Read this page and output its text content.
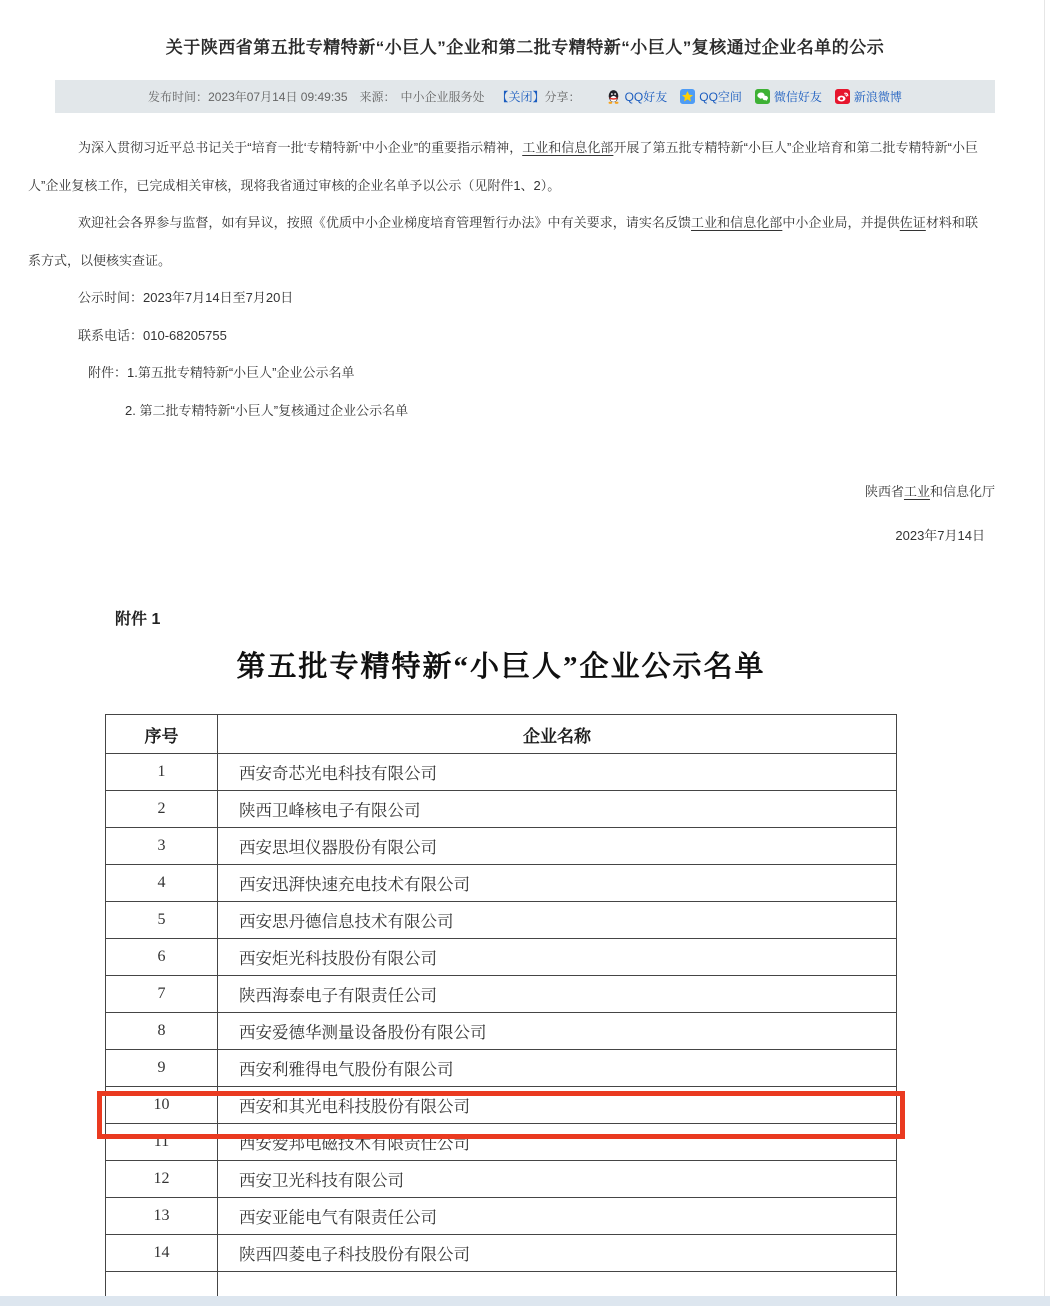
关于陕西省第五批专精特新“小巨人”企业和第二批专精特新“小巨人”复核通过企业名单的公示
发布时间： 2023年07月14日 09:49:35 来源： 中小企业服务处 【关闭】 分享：	QQ好友	QQ空间	微信好友	新浪微博

为深入贯彻习近平总书记关于“培育一批‘专精特新’中小企业”的重要指示精神，工业和信息化部开展了第五批专精特新“小巨人”企业培育和第二批专精特新“小巨人”企业复核工作，已完成相关审核，现将我省通过审核的企业名单予以公示（见附件1、2）。

欢迎社会各界参与监督，如有异议，按照《优质中小企业梯度培育管理暂行办法》中有关要求，请实名反馈工业和信息化部中小企业局，并提供佐证材料和联系方式，以便核实查证。

公示时间：2023年7月14日至7月20日

联系电话：010-68205755

附件：1.第五批专精特新“小巨人”企业公示名单

2. 第二批专精特新“小巨人”复核通过企业公示名单

陕西省工业和信息化厅
2023年7月14日
附件 1
第五批专精特新“小巨人”企业公示名单
序号	企业名称
1	西安奇芯光电科技有限公司
2	陕西卫峰核电子有限公司
3	西安思坦仪器股份有限公司
4	西安迅湃快速充电技术有限公司
5	西安思丹德信息技术有限公司
6	西安炬光科技股份有限公司
7	陕西海泰电子有限责任公司
8	西安爱德华测量设备股份有限公司
9	西安利雅得电气股份有限公司
10	西安和其光电科技股份有限公司
11	西安爱邦电磁技术有限责任公司
12	西安卫光科技有限公司
13	西安亚能电气有限责任公司
14	陕西四菱电子科技股份有限公司
